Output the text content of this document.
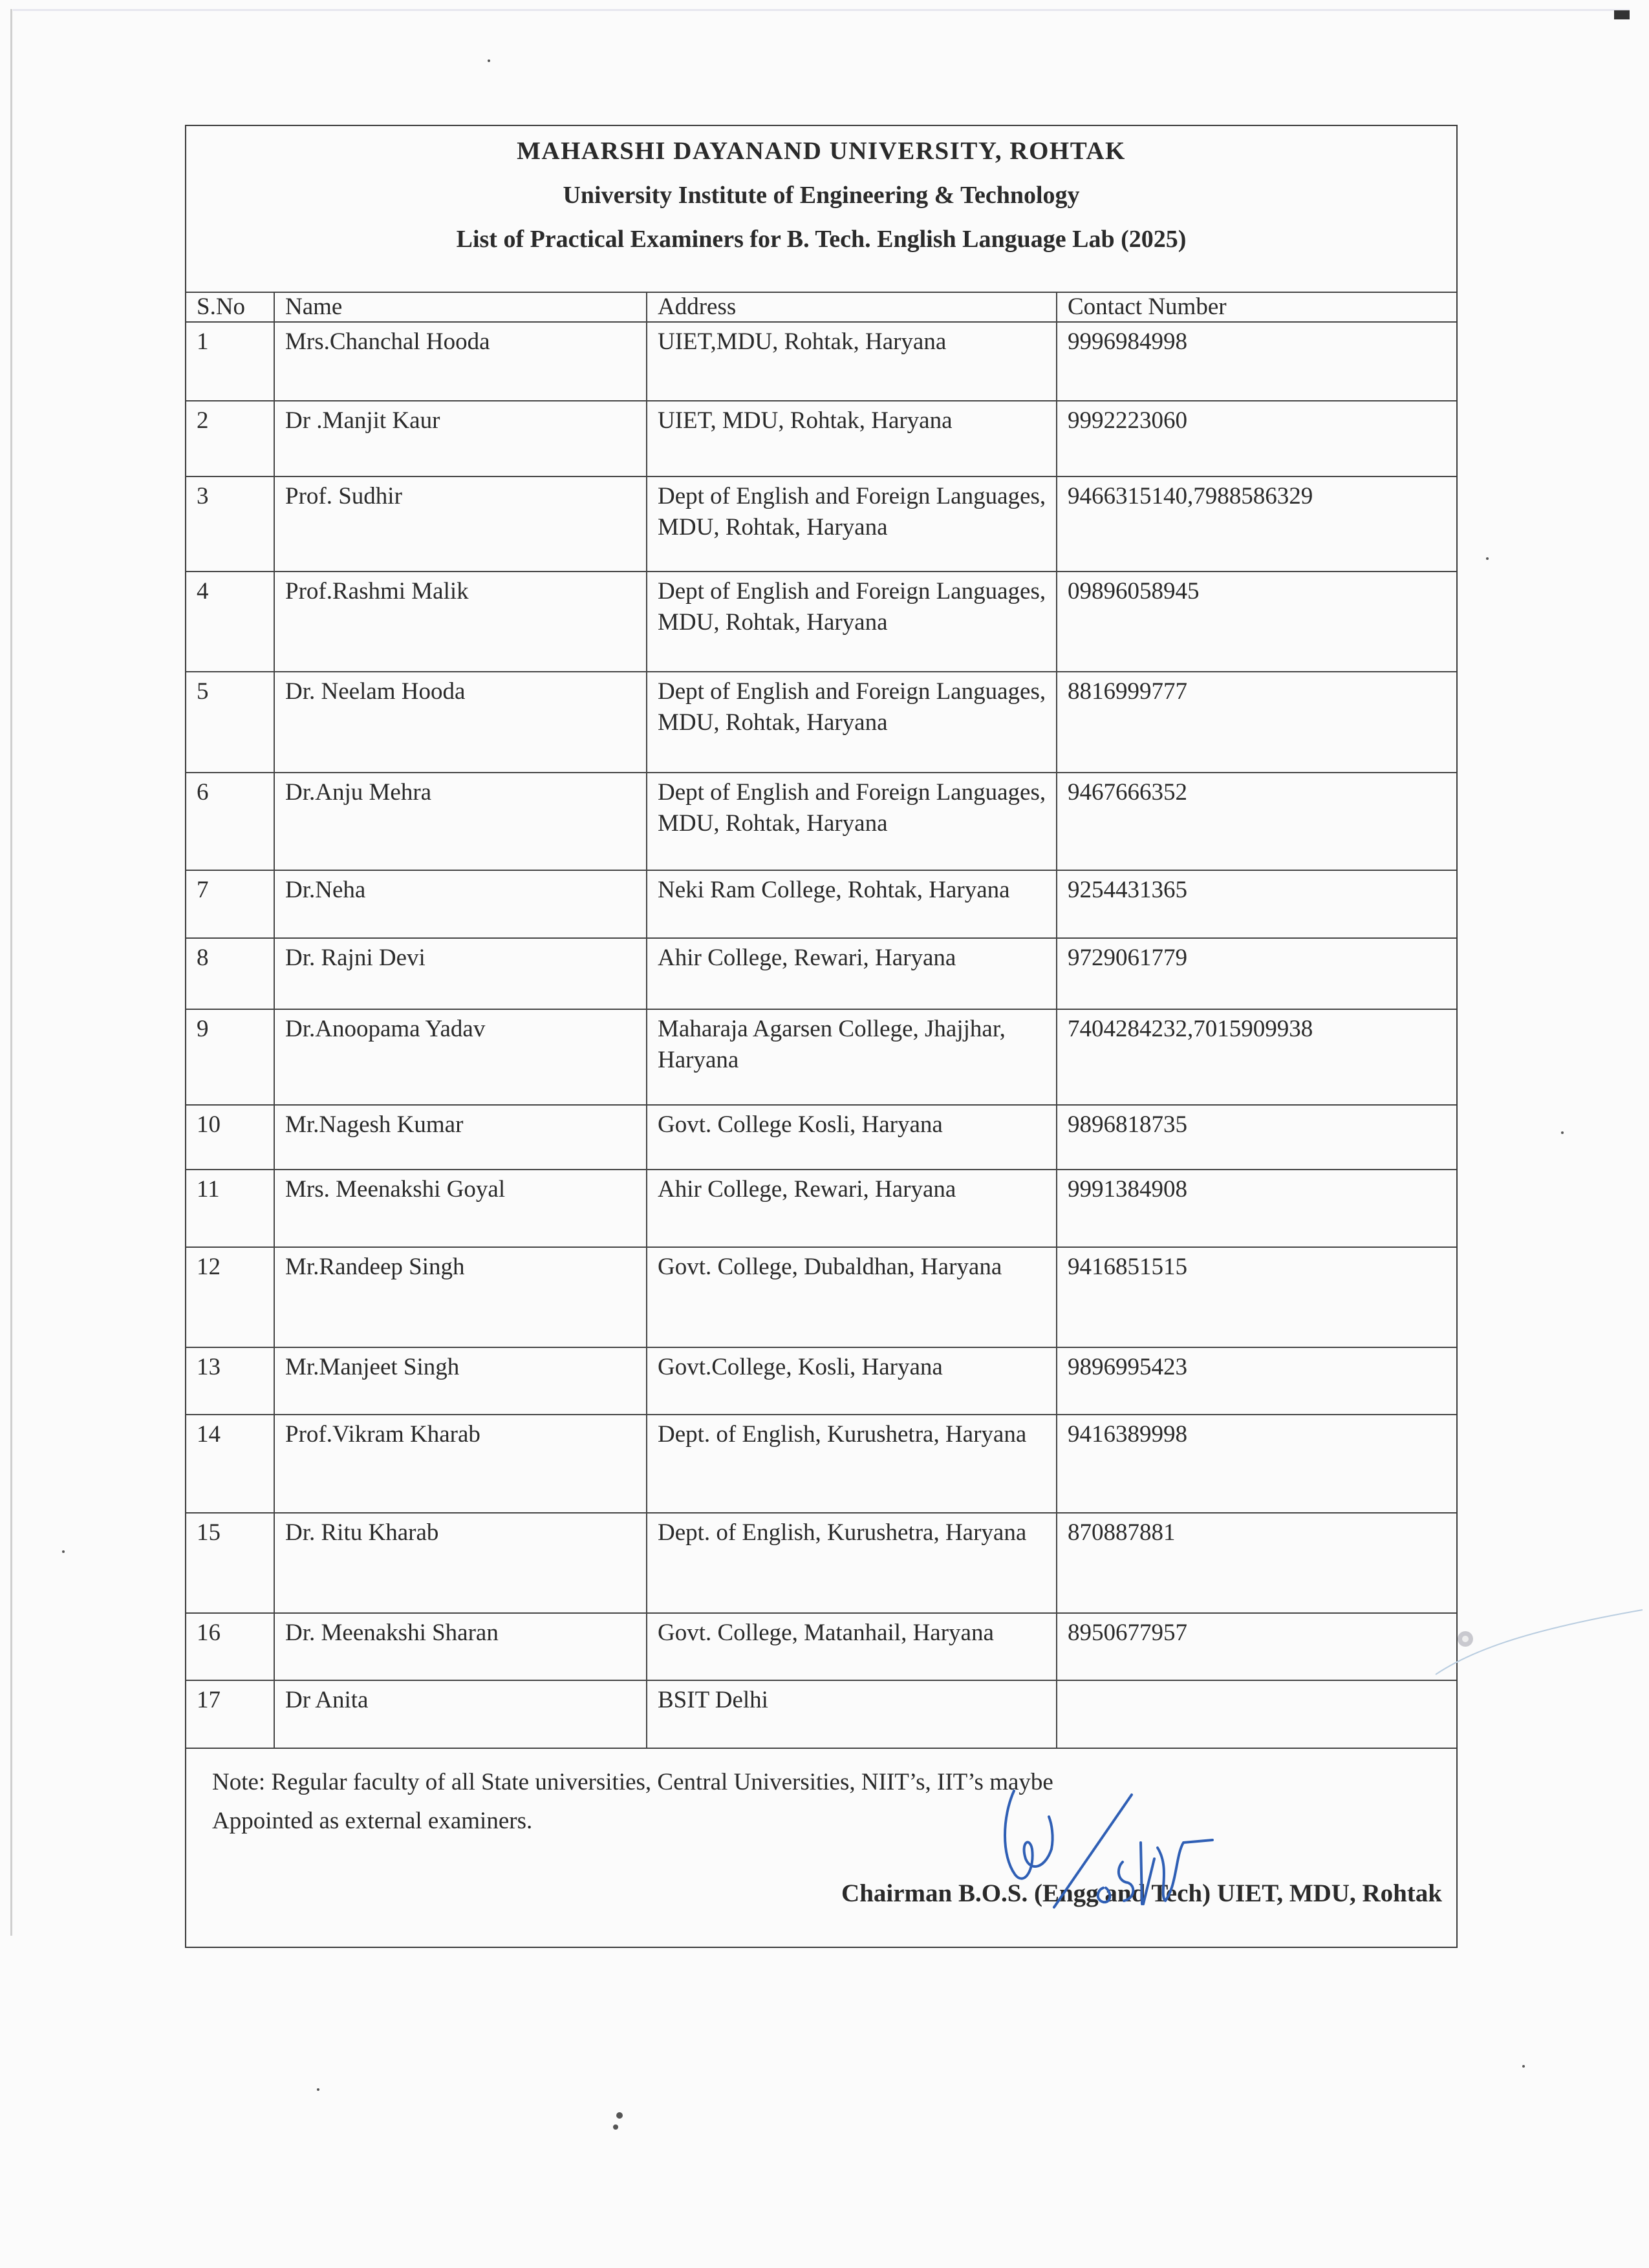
MAHARSHI DAYANAND UNIVERSITY, ROHTAK
University Institute of Engineering & Technology
List of Practical Examiners for B. Tech. English Language Lab (2025)
S.No	Name	Address	Contact Number
1	Mrs.Chanchal Hooda	UIET,MDU, Rohtak, Haryana	9996984998
2	Dr .Manjit Kaur	UIET, MDU, Rohtak, Haryana	9992223060
3	Prof. Sudhir	Dept of English and Foreign Languages, MDU, Rohtak, Haryana	9466315140,7988586329
4	Prof.Rashmi Malik	Dept of English and Foreign Languages, MDU, Rohtak, Haryana	09896058945
5	Dr. Neelam Hooda	Dept of English and Foreign Languages, MDU, Rohtak, Haryana	8816999777
6	Dr.Anju Mehra	Dept of English and Foreign Languages, MDU, Rohtak, Haryana	9467666352
7	Dr.Neha	Neki Ram College, Rohtak, Haryana	9254431365
8	Dr. Rajni Devi	Ahir College, Rewari, Haryana	9729061779
9	Dr.Anoopama Yadav	Maharaja Agarsen College, Jhajjhar, Haryana	7404284232,7015909938
10	Mr.Nagesh Kumar	Govt. College Kosli, Haryana	9896818735
11	Mrs. Meenakshi Goyal	Ahir College, Rewari, Haryana	9991384908
12	Mr.Randeep Singh	Govt. College, Dubaldhan, Haryana	9416851515
13	Mr.Manjeet Singh	Govt.College, Kosli, Haryana	9896995423
14	Prof.Vikram Kharab	Dept. of English, Kurushetra, Haryana	9416389998
15	Dr. Ritu Kharab	Dept. of English, Kurushetra, Haryana	870887881
16	Dr. Meenakshi Sharan	Govt. College, Matanhail, Haryana	8950677957
17	Dr Anita	BSIT Delhi	
Note: Regular faculty of all State universities, Central Universities, NIIT’s, IIT’s maybe
Appointed as external examiners.
Chairman B.O.S. (Engg and Tech) UIET, MDU, Rohtak
